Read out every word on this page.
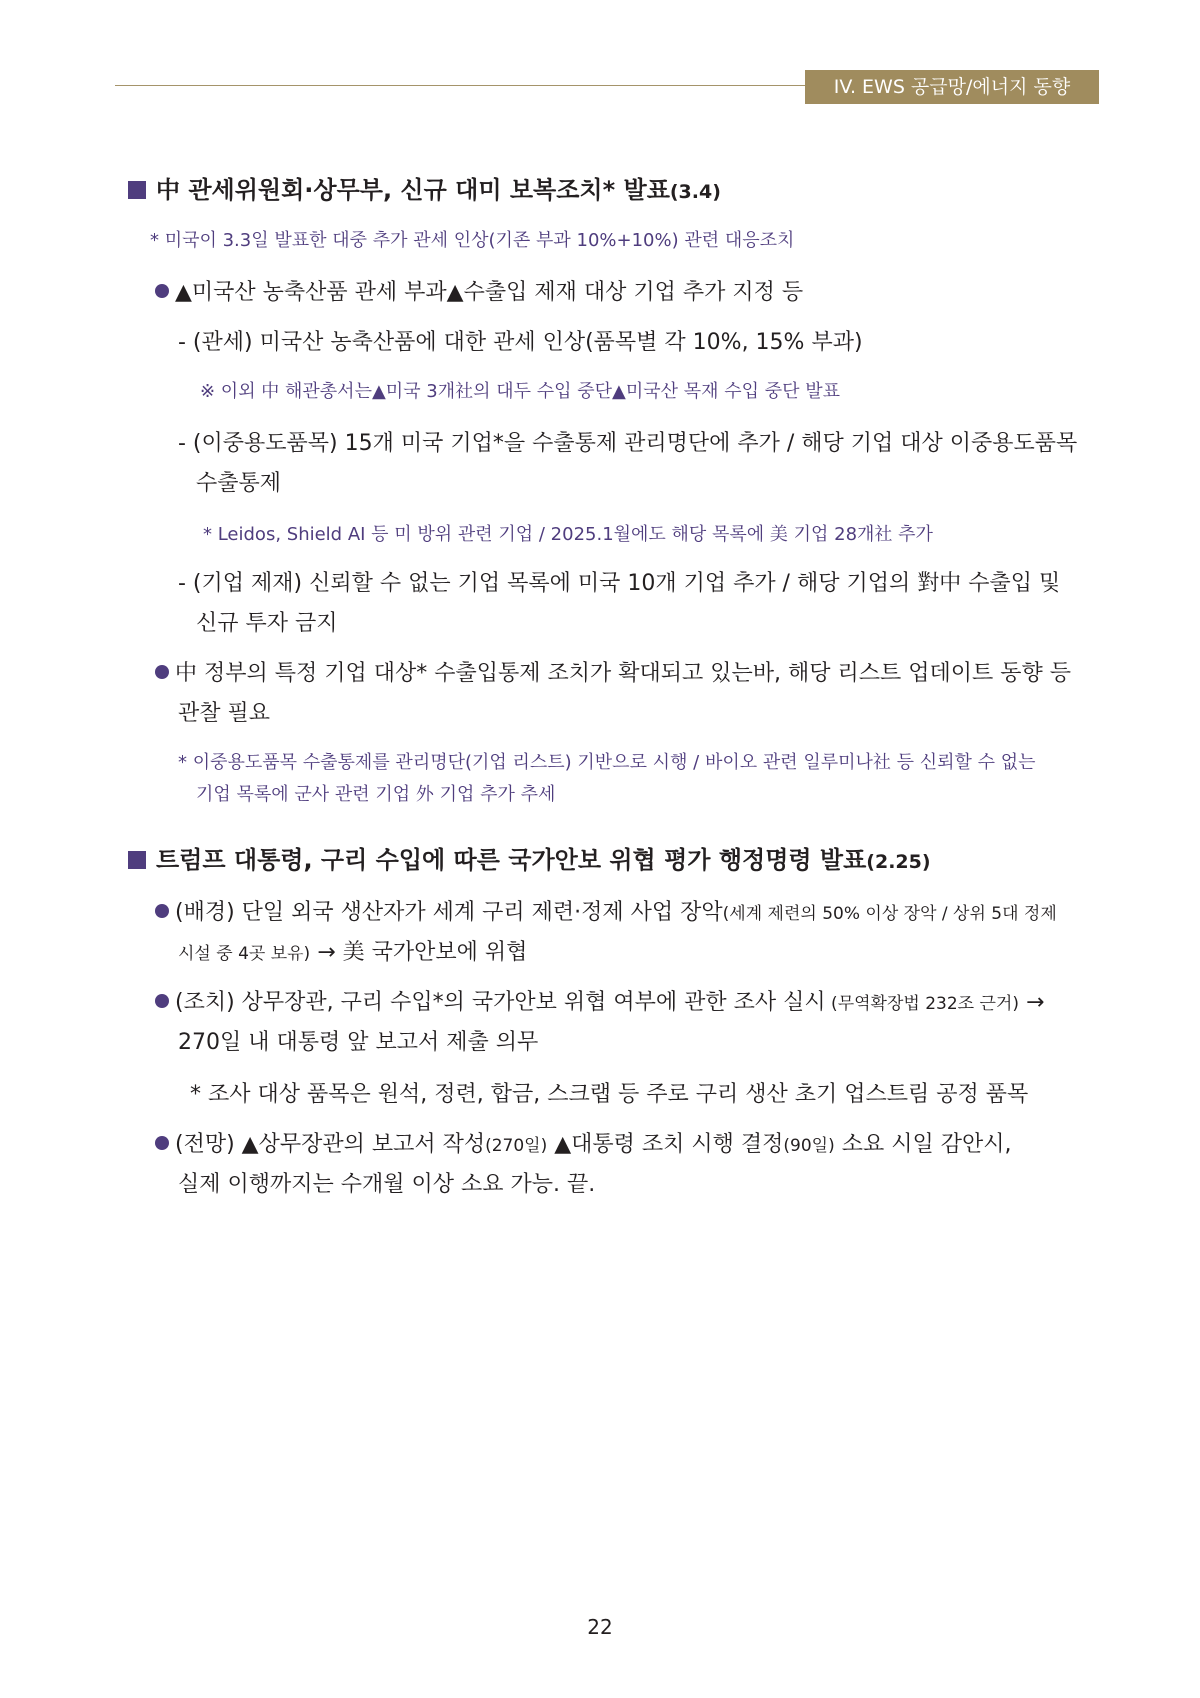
IV. EWS 공급망/에너지 동향
中 관세위원회·상무부, 신규 대미 보복조치* 발표(3.4)
* 미국이 3.3일 발표한 대중 추가 관세 인상(기존 부과 10%+10%) 관련 대응조치
▲미국산 농축산품 관세 부과▲수출입 제재 대상 기업 추가 지정 등
- (관세) 미국산 농축산품에 대한 관세 인상(품목별 각 10%, 15% 부과)
※ 이외 中 해관총서는▲미국 3개社의 대두 수입 중단▲미국산 목재 수입 중단 발표
- (이중용도품목) 15개 미국 기업*을 수출통제 관리명단에 추가 / 해당 기업 대상 이중용도품목
수출통제
* Leidos, Shield AI 등 미 방위 관련 기업 / 2025.1월에도 해당 목록에 美 기업 28개社 추가
- (기업 제재) 신뢰할 수 없는 기업 목록에 미국 10개 기업 추가 / 해당 기업의 對中 수출입 및
신규 투자 금지
中 정부의 특정 기업 대상* 수출입통제 조치가 확대되고 있는바, 해당 리스트 업데이트 동향 등
관찰 필요
* 이중용도품목 수출통제를 관리명단(기업 리스트) 기반으로 시행 / 바이오 관련 일루미나社 등 신뢰할 수 없는
기업 목록에 군사 관련 기업 外 기업 추가 추세
트럼프 대통령, 구리 수입에 따른 국가안보 위협 평가 행정명령 발표(2.25)
(배경) 단일 외국 생산자가 세계 구리 제련·정제 사업 장악(세계 제련의 50% 이상 장악 / 상위 5대 정제
시설 중 4곳 보유) → 美 국가안보에 위협
(조치) 상무장관, 구리 수입*의 국가안보 위협 여부에 관한 조사 실시 (무역확장법 232조 근거) →
270일 내 대통령 앞 보고서 제출 의무
* 조사 대상 품목은 원석, 정련, 합금, 스크랩 등 주로 구리 생산 초기 업스트림 공정 품목
(전망) ▲상무장관의 보고서 작성(270일) ▲대통령 조치 시행 결정(90일) 소요 시일 감안시,
실제 이행까지는 수개월 이상 소요 가능. 끝.
22
